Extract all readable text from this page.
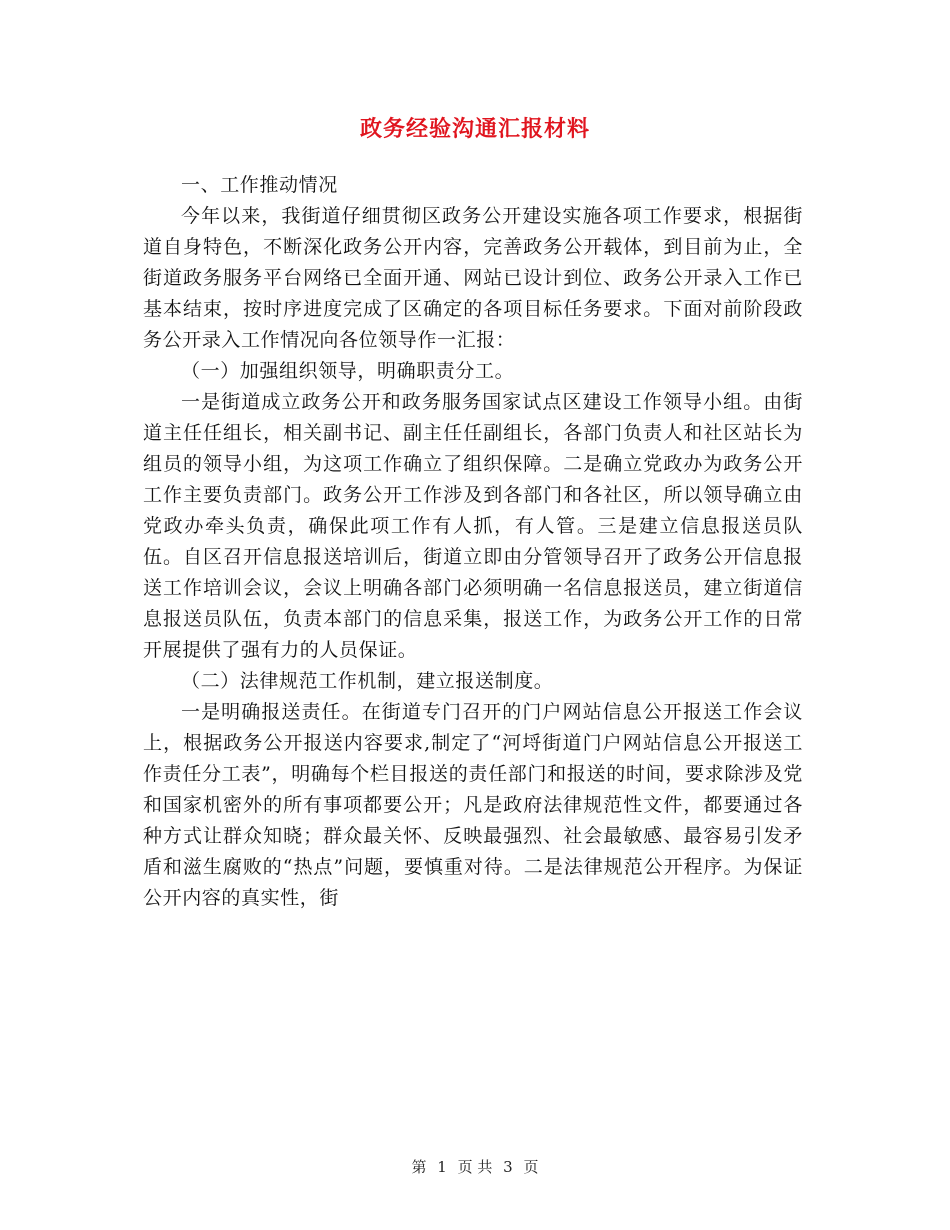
政务经验沟通汇报材料

一、工作推动情况

今年以来，我街道仔细贯彻区政务公开建设实施各项工作要求，根据街道自身特色，不断深化政务公开内容，完善政务公开载体，到目前为止，全街道政务服务平台网络已全面开通、网站已设计到位、政务公开录入工作已基本结束，按时序进度完成了区确定的各项目标任务要求。下面对前阶段政务公开录入工作情况向各位领导作一汇报：

（一）加强组织领导，明确职责分工。

一是街道成立政务公开和政务服务国家试点区建设工作领导小组。由街道主任任组长，相关副书记、副主任任副组长，各部门负责人和社区站长为组员的领导小组，为这项工作确立了组织保障。二是确立党政办为政务公开工作主要负责部门。政务公开工作涉及到各部门和各社区，所以领导确立由党政办牵头负责，确保此项工作有人抓，有人管。三是建立信息报送员队伍。自区召开信息报送培训后，街道立即由分管领导召开了政务公开信息报送工作培训会议，会议上明确各部门必须明确一名信息报送员，建立街道信息报送员队伍，负责本部门的信息采集，报送工作，为政务公开工作的日常开展提供了强有力的人员保证。

（二）法律规范工作机制，建立报送制度。

一是明确报送责任。在街道专门召开的门户网站信息公开报送工作会议上，根据政务公开报送内容要求,制定了“河埒街道门户网站信息公开报送工作责任分工表”，明确每个栏目报送的责任部门和报送的时间，要求除涉及党和国家机密外的所有事项都要公开；凡是政府法律规范性文件，都要通过各种方式让群众知晓；群众最关怀、反映最强烈、社会最敏感、最容易引发矛盾和滋生腐败的“热点”问题，要慎重对待。二是法律规范公开程序。为保证公开内容的真实性，街

第 1 页 共 3 页
